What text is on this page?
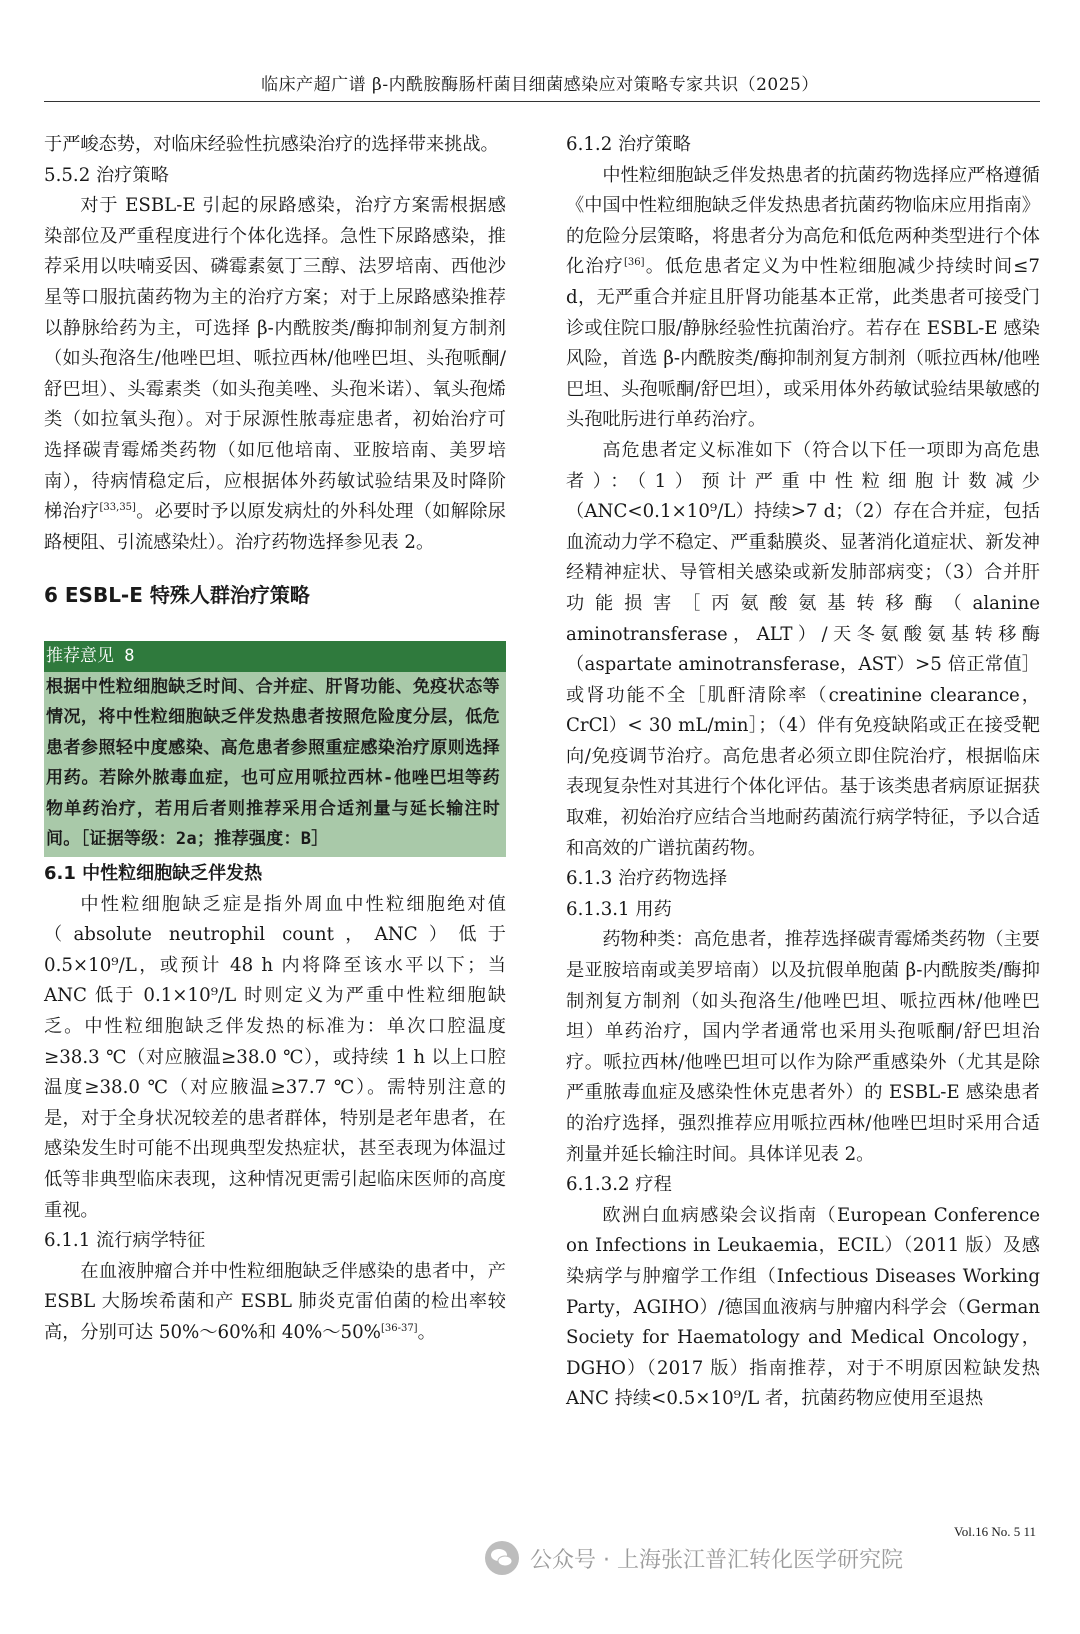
临床产超广谱 β-内酰胺酶肠杆菌目细菌感染应对策略专家共识（2025）

于严峻态势，对临床经验性抗感染治疗的选择带来挑战。

5.5.2 治疗策略

对于 ESBL-E 引起的尿路感染，治疗方案需根据感染部位及严重程度进行个体化选择。急性下尿路感染，推荐采用以呋喃妥因、磷霉素氨丁三醇、法罗培南、西他沙星等口服抗菌药物为主的治疗方案；对于上尿路感染推荐以静脉给药为主，可选择 β-内酰胺类/酶抑制剂复方制剂（如头孢洛生/他唑巴坦、哌拉西林/他唑巴坦、头孢哌酮/舒巴坦）、头霉素类（如头孢美唑、头孢米诺）、氧头孢烯类（如拉氧头孢）。对于尿源性脓毒症患者，初始治疗可选择碳青霉烯类药物（如厄他培南、亚胺培南、美罗培南），待病情稳定后，应根据体外药敏试验结果及时降阶梯治疗[33,35]。必要时予以原发病灶的外科处理（如解除尿路梗阻、引流感染灶）。治疗药物选择参见表 2。

6 ESBL-E 特殊人群治疗策略

推荐意见 8
根据中性粒细胞缺乏时间、合并症、肝肾功能、免疫状态等情况，将中性粒细胞缺乏伴发热患者按照危险度分层，低危患者参照轻中度感染、高危患者参照重症感染治疗原则选择用药。若除外脓毒血症，也可应用哌拉西林-他唑巴坦等药物单药治疗，若用后者则推荐采用合适剂量与延长输注时间。［证据等级：2a；推荐强度：B］

6.1 中性粒细胞缺乏伴发热

中性粒细胞缺乏症是指外周血中性粒细胞绝对值（absolute neutrophil count，ANC）低于 0.5×10⁹/L，或预计 48 h 内将降至该水平以下；当 ANC 低于 0.1×10⁹/L 时则定义为严重中性粒细胞缺乏。中性粒细胞缺乏伴发热的标准为：单次口腔温度≥38.3 ℃（对应腋温≥38.0 ℃），或持续 1 h 以上口腔温度≥38.0 ℃（对应腋温≥37.7 ℃）。需特别注意的是，对于全身状况较差的患者群体，特别是老年患者，在感染发生时可能不出现典型发热症状，甚至表现为体温过低等非典型临床表现，这种情况更需引起临床医师的高度重视。

6.1.1 流行病学特征

在血液肿瘤合并中性粒细胞缺乏伴感染的患者中，产 ESBL 大肠埃希菌和产 ESBL 肺炎克雷伯菌的检出率较高，分别可达 50%～60%和 40%～50%[36-37]。

6.1.2 治疗策略

中性粒细胞缺乏伴发热患者的抗菌药物选择应严格遵循《中国中性粒细胞缺乏伴发热患者抗菌药物临床应用指南》的危险分层策略，将患者分为高危和低危两种类型进行个体化治疗[36]。低危患者定义为中性粒细胞减少持续时间≤7 d，无严重合并症且肝肾功能基本正常，此类患者可接受门诊或住院口服/静脉经验性抗菌治疗。若存在 ESBL-E 感染风险，首选 β-内酰胺类/酶抑制剂复方制剂（哌拉西林/他唑巴坦、头孢哌酮/舒巴坦），或采用体外药敏试验结果敏感的头孢吡肟进行单药治疗。

高危患者定义标准如下（符合以下任一项即为高危患者）：（1）预计严重中性粒细胞计数减少（ANC<0.1×10⁹/L）持续>7 d；（2）存在合并症，包括血流动力学不稳定、严重黏膜炎、显著消化道症状、新发神经精神症状、导管相关感染或新发肺部病变；（3）合并肝功能损害［丙氨酸氨基转移酶（alanine aminotransferase，ALT）/天冬氨酸氨基转移酶（aspartate aminotransferase，AST）>5 倍正常值］或肾功能不全［肌酐清除率（creatinine clearance，CrCl）< 30 mL/min］；（4）伴有免疫缺陷或正在接受靶向/免疫调节治疗。高危患者必须立即住院治疗，根据临床表现复杂性对其进行个体化评估。基于该类患者病原证据获取难，初始治疗应结合当地耐药菌流行病学特征，予以合适和高效的广谱抗菌药物。

6.1.3 治疗药物选择

6.1.3.1 用药

药物种类：高危患者，推荐选择碳青霉烯类药物（主要是亚胺培南或美罗培南）以及抗假单胞菌 β-内酰胺类/酶抑制剂复方制剂（如头孢洛生/他唑巴坦、哌拉西林/他唑巴坦）单药治疗，国内学者通常也采用头孢哌酮/舒巴坦治疗。哌拉西林/他唑巴坦可以作为除严重感染外（尤其是除严重脓毒血症及感染性休克患者外）的 ESBL-E 感染患者的治疗选择，强烈推荐应用哌拉西林/他唑巴坦时采用合适剂量并延长输注时间。具体详见表 2。

6.1.3.2 疗程

欧洲白血病感染会议指南（European Conference on Infections in Leukaemia，ECIL）（2011 版）及感染病学与肿瘤学工作组（Infectious Diseases Working Party，AGIHO）/德国血液病与肿瘤内科学会（German Society for Haematology and Medical Oncology，DGHO）（2017 版）指南推荐，对于不明原因粒缺发热 ANC 持续<0.5×10⁹/L 者，抗菌药物应使用至退热

Vol.16 No. 5 11
公众号 · 上海张江普汇转化医学研究院
